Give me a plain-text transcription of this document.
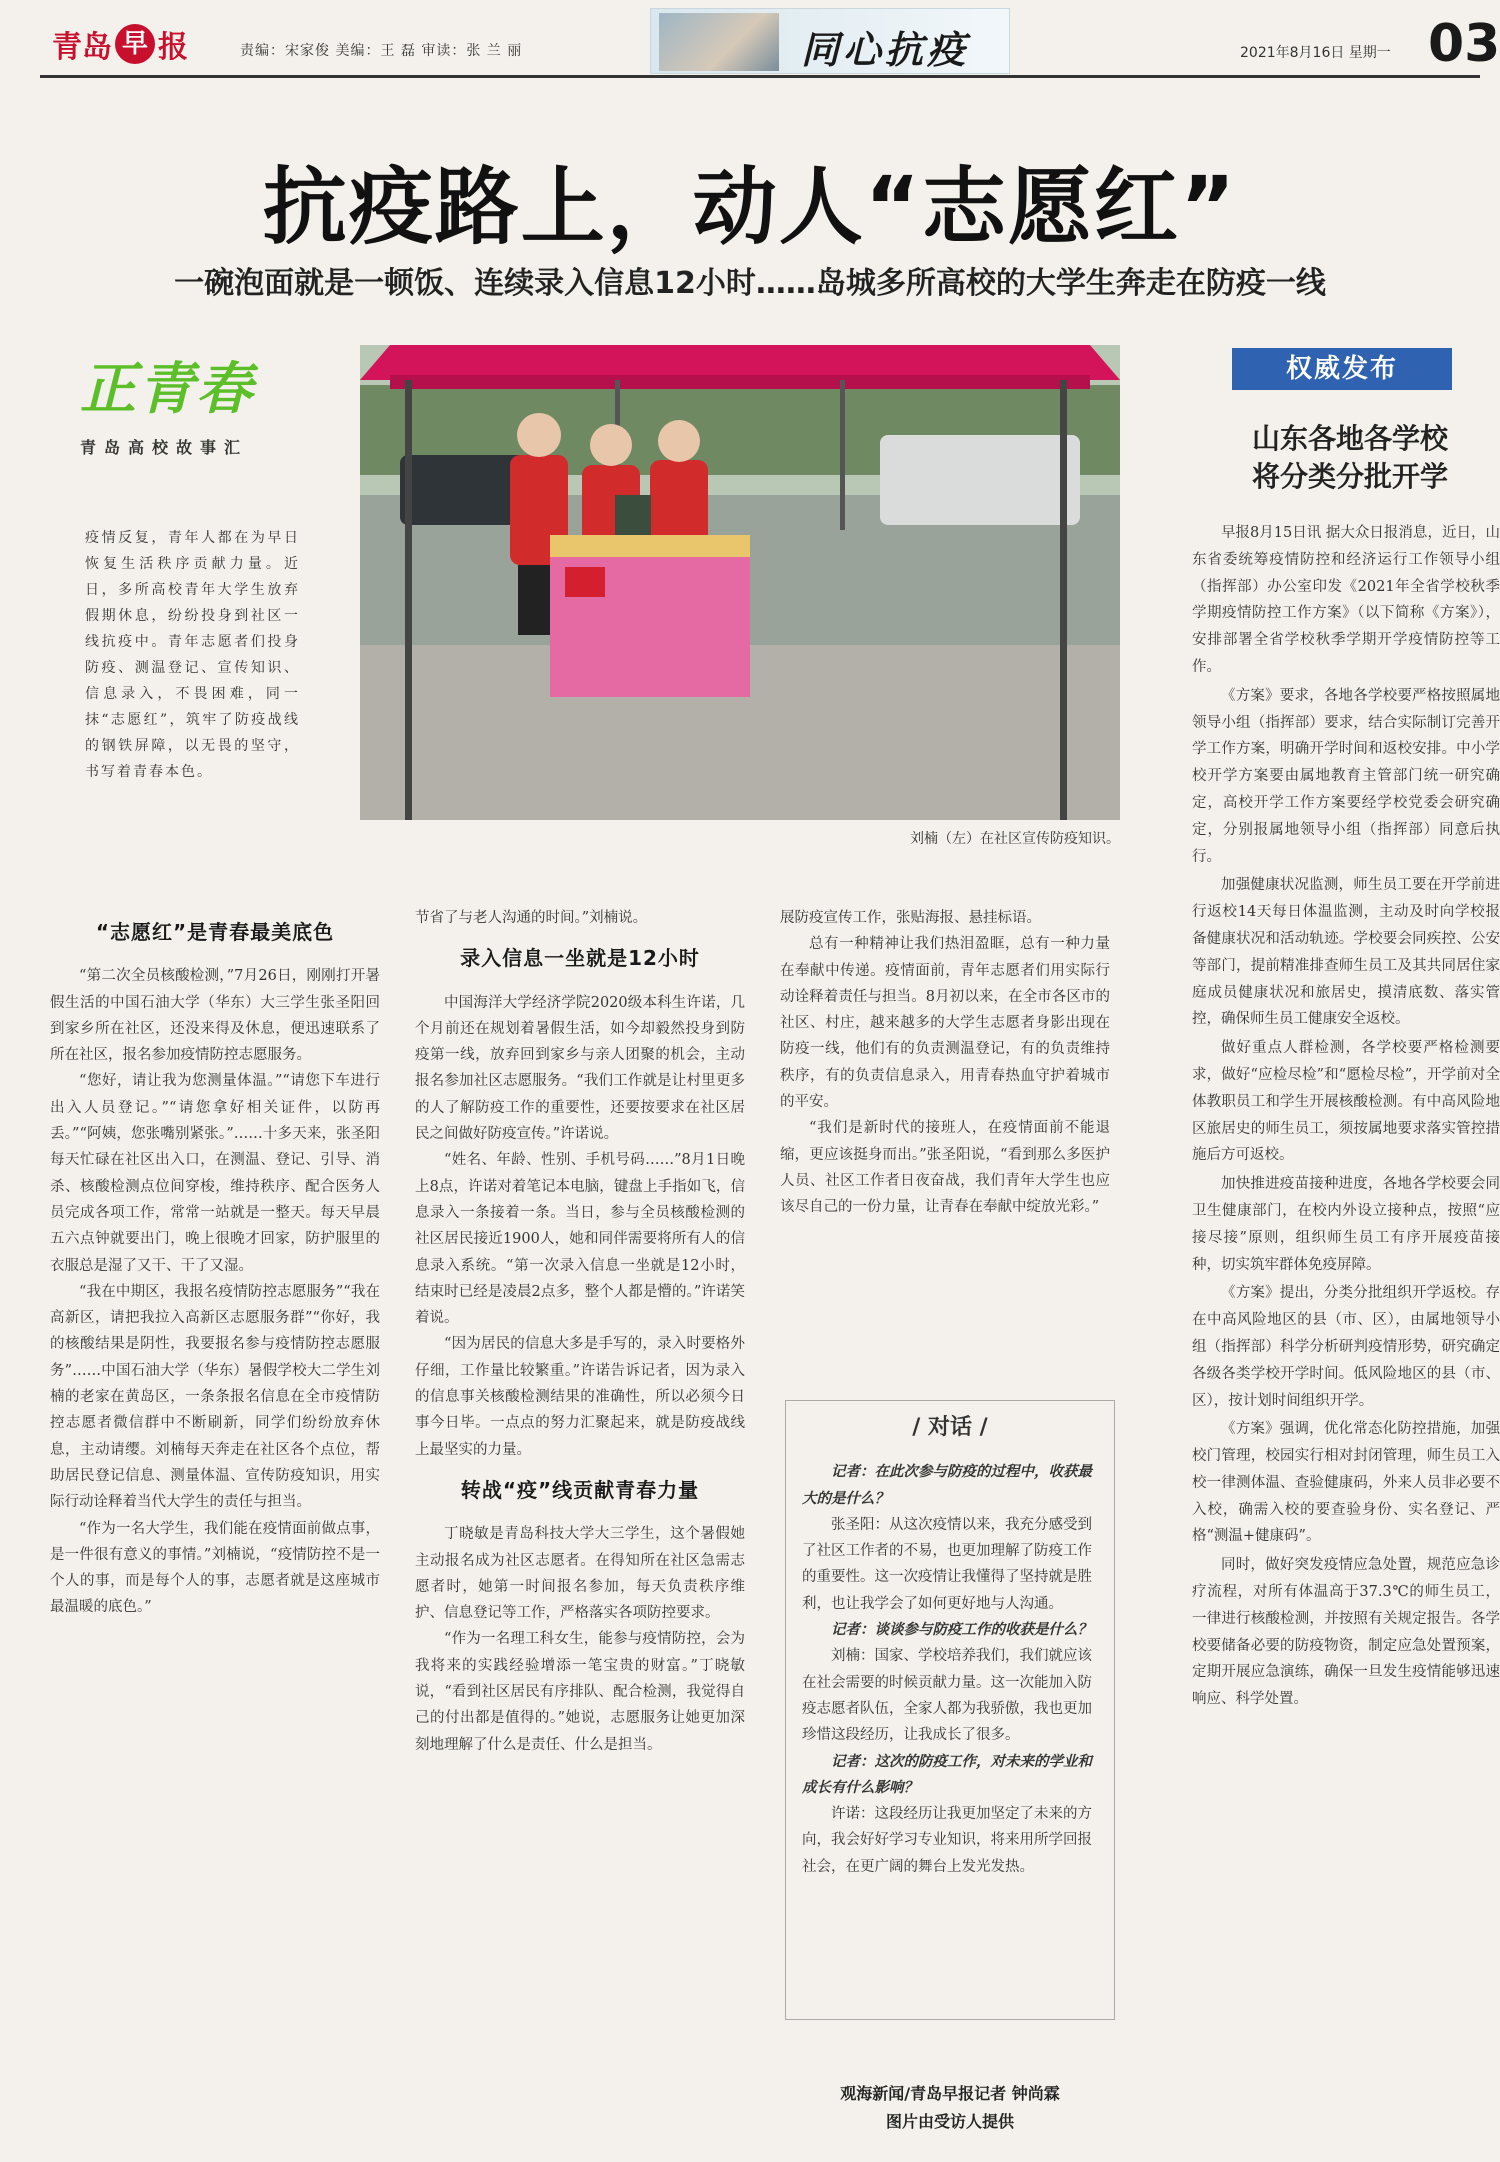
青岛 早 报	责编：宋家俊 美编：王 磊 审读：张 兰 丽	同心抗疫	2021年8月16日 星期一 03
抗疫路上，动人“志愿红”
一碗泡面就是一顿饭、连续录入信息12小时……岛城多所高校的大学生奔走在防疫一线
正青春
青岛高校故事汇
疫情反复，青年人都在为早日恢复生活秩序贡献力量。近日，多所高校青年大学生放弃假期休息，纷纷投身到社区一线抗疫中。青年志愿者们投身防疫、测温登记、宣传知识、信息录入，不畏困难，同一抹“志愿红”，筑牢了防疫战线的钢铁屏障，以无畏的坚守，书写着青春本色。
刘楠（左）在社区宣传防疫知识。
权威发布
山东各地各学校
将分类分批开学

早报8月15日讯 据大众日报消息，近日，山东省委统筹疫情防控和经济运行工作领导小组（指挥部）办公室印发《2021年全省学校秋季学期疫情防控工作方案》（以下简称《方案》），安排部署全省学校秋季学期开学疫情防控等工作。

《方案》要求，各地各学校要严格按照属地领导小组（指挥部）要求，结合实际制订完善开学工作方案，明确开学时间和返校安排。中小学校开学方案要由属地教育主管部门统一研究确定，高校开学工作方案要经学校党委会研究确定，分别报属地领导小组（指挥部）同意后执行。

加强健康状况监测，师生员工要在开学前进行返校14天每日体温监测，主动及时向学校报备健康状况和活动轨迹。学校要会同疾控、公安等部门，提前精准排查师生员工及其共同居住家庭成员健康状况和旅居史，摸清底数、落实管控，确保师生员工健康安全返校。

做好重点人群检测，各学校要严格检测要求，做好“应检尽检”和“愿检尽检”，开学前对全体教职员工和学生开展核酸检测。有中高风险地区旅居史的师生员工，须按属地要求落实管控措施后方可返校。

加快推进疫苗接种进度，各地各学校要会同卫生健康部门，在校内外设立接种点，按照“应接尽接”原则，组织师生员工有序开展疫苗接种，切实筑牢群体免疫屏障。

《方案》提出，分类分批组织开学返校。存在中高风险地区的县（市、区），由属地领导小组（指挥部）科学分析研判疫情形势，研究确定各级各类学校开学时间。低风险地区的县（市、区），按计划时间组织开学。

《方案》强调，优化常态化防控措施，加强校门管理，校园实行相对封闭管理，师生员工入校一律测体温、查验健康码，外来人员非必要不入校，确需入校的要查验身份、实名登记、严格“测温+健康码”。

同时，做好突发疫情应急处置，规范应急诊疗流程，对所有体温高于37.3℃的师生员工，一律进行核酸检测，并按照有关规定报告。各学校要储备必要的防疫物资，制定应急处置预案，定期开展应急演练，确保一旦发生疫情能够迅速响应、科学处置。

“志愿红”是青春最美底色

“第二次全员核酸检测，”7月26日，刚刚打开暑假生活的中国石油大学（华东）大三学生张圣阳回到家乡所在社区，还没来得及休息，便迅速联系了所在社区，报名参加疫情防控志愿服务。

“您好，请让我为您测量体温。”“请您下车进行出入人员登记。”“请您拿好相关证件，以防再丢。”“阿姨，您张嘴别紧张。”……十多天来，张圣阳每天忙碌在社区出入口，在测温、登记、引导、消杀、核酸检测点位间穿梭，维持秩序、配合医务人员完成各项工作，常常一站就是一整天。每天早晨五六点钟就要出门，晚上很晚才回家，防护服里的衣服总是湿了又干、干了又湿。

“我在中期区，我报名疫情防控志愿服务”“我在高新区，请把我拉入高新区志愿服务群”“你好，我的核酸结果是阴性，我要报名参与疫情防控志愿服务”……中国石油大学（华东）暑假学校大二学生刘楠的老家在黄岛区，一条条报名信息在全市疫情防控志愿者微信群中不断刷新，同学们纷纷放弃休息，主动请缨。刘楠每天奔走在社区各个点位，帮助居民登记信息、测量体温、宣传防疫知识，用实际行动诠释着当代大学生的责任与担当。

“作为一名大学生，我们能在疫情面前做点事，是一件很有意义的事情。”刘楠说，“疫情防控不是一个人的事，而是每个人的事，志愿者就是这座城市最温暖的底色。”

节省了与老人沟通的时间。”刘楠说。

录入信息一坐就是12小时

中国海洋大学经济学院2020级本科生许诺，几个月前还在规划着暑假生活，如今却毅然投身到防疫第一线，放弃回到家乡与亲人团聚的机会，主动报名参加社区志愿服务。“我们工作就是让村里更多的人了解防疫工作的重要性，还要按要求在社区居民之间做好防疫宣传。”许诺说。

“姓名、年龄、性别、手机号码……”8月1日晚上8点，许诺对着笔记本电脑，键盘上手指如飞，信息录入一条接着一条。当日，参与全员核酸检测的社区居民接近1900人，她和同伴需要将所有人的信息录入系统。“第一次录入信息一坐就是12小时，结束时已经是凌晨2点多，整个人都是懵的。”许诺笑着说。

“因为居民的信息大多是手写的，录入时要格外仔细，工作量比较繁重。”许诺告诉记者，因为录入的信息事关核酸检测结果的准确性，所以必须今日事今日毕。一点点的努力汇聚起来，就是防疫战线上最坚实的力量。

转战“疫”线贡献青春力量

丁晓敏是青岛科技大学大三学生，这个暑假她主动报名成为社区志愿者。在得知所在社区急需志愿者时，她第一时间报名参加，每天负责秩序维护、信息登记等工作，严格落实各项防控要求。

“作为一名理工科女生，能参与疫情防控，会为我将来的实践经验增添一笔宝贵的财富。”丁晓敏说，“看到社区居民有序排队、配合检测，我觉得自己的付出都是值得的。”她说，志愿服务让她更加深刻地理解了什么是责任、什么是担当。

展防疫宣传工作，张贴海报、悬挂标语。

总有一种精神让我们热泪盈眶，总有一种力量在奉献中传递。疫情面前，青年志愿者们用实际行动诠释着责任与担当。8月初以来，在全市各区市的社区、村庄，越来越多的大学生志愿者身影出现在防疫一线，他们有的负责测温登记，有的负责维持秩序，有的负责信息录入，用青春热血守护着城市的平安。

“我们是新时代的接班人，在疫情面前不能退缩，更应该挺身而出。”张圣阳说，“看到那么多医护人员、社区工作者日夜奋战，我们青年大学生也应该尽自己的一份力量，让青春在奉献中绽放光彩。”

/ 对话 /

记者：在此次参与防疫的过程中，收获最大的是什么？

张圣阳：从这次疫情以来，我充分感受到了社区工作者的不易，也更加理解了防疫工作的重要性。这一次疫情让我懂得了坚持就是胜利，也让我学会了如何更好地与人沟通。

记者：谈谈参与防疫工作的收获是什么？

刘楠：国家、学校培养我们，我们就应该在社会需要的时候贡献力量。这一次能加入防疫志愿者队伍，全家人都为我骄傲，我也更加珍惜这段经历，让我成长了很多。

记者：这次的防疫工作，对未来的学业和成长有什么影响？

许诺：这段经历让我更加坚定了未来的方向，我会好好学习专业知识，将来用所学回报社会，在更广阔的舞台上发光发热。

观海新闻/青岛早报记者 钟尚霖
图片由受访人提供
